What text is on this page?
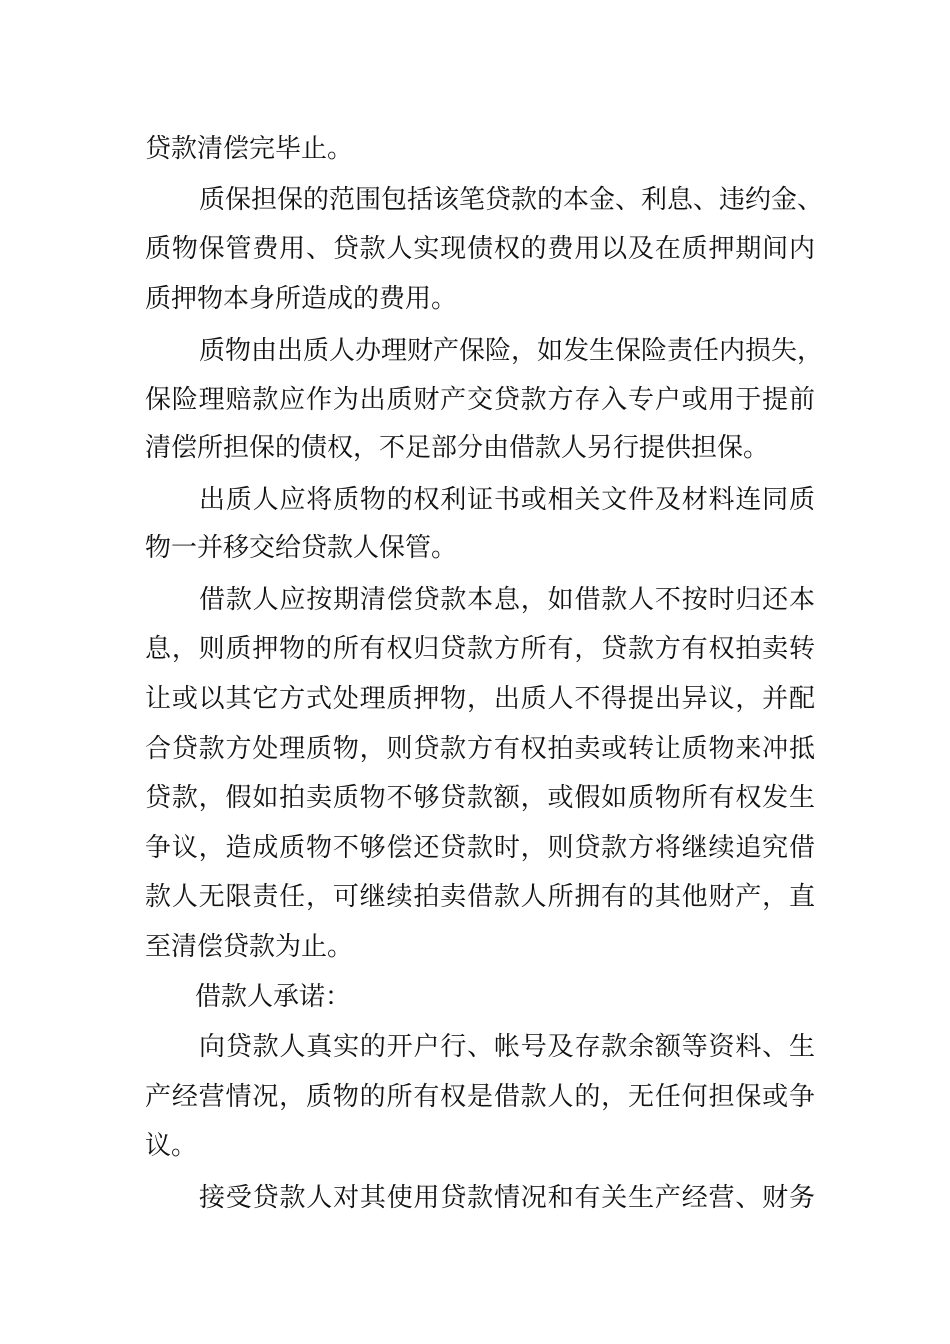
贷款清偿完毕止。
质保担保的范围包括该笔贷款的本金、利息、违约金、
质物保管费用、贷款人实现债权的费用以及在质押期间内
质押物本身所造成的费用。
质物由出质人办理财产保险，如发生保险责任内损失，
保险理赔款应作为出质财产交贷款方存入专户或用于提前
清偿所担保的债权，不足部分由借款人另行提供担保。
出质人应将质物的权利证书或相关文件及材料连同质
物一并移交给贷款人保管。
借款人应按期清偿贷款本息，如借款人不按时归还本
息，则质押物的所有权归贷款方所有，贷款方有权拍卖转
让或以其它方式处理质押物，出质人不得提出异议，并配
合贷款方处理质物，则贷款方有权拍卖或转让质物来冲抵
贷款，假如拍卖质物不够贷款额，或假如质物所有权发生
争议，造成质物不够偿还贷款时，则贷款方将继续追究借
款人无限责任，可继续拍卖借款人所拥有的其他财产，直
至清偿贷款为止。
借款人承诺：
向贷款人真实的开户行、帐号及存款余额等资料、生
产经营情况，质物的所有权是借款人的，无任何担保或争
议。
接受贷款人对其使用贷款情况和有关生产经营、财务
